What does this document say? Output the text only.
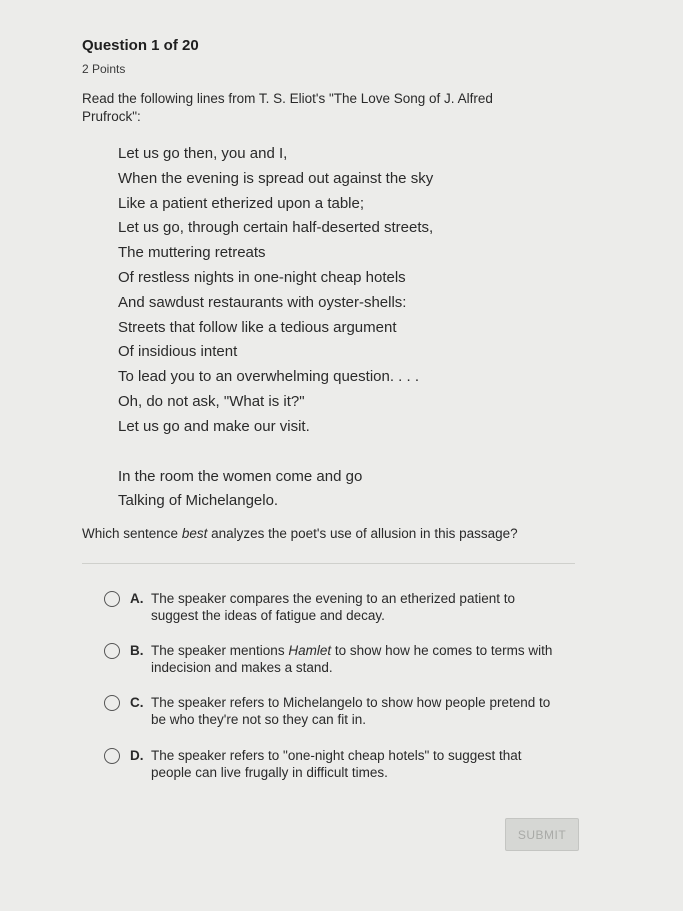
Question 1 of 20
2 Points
Read the following lines from T. S. Eliot's "The Love Song of J. Alfred Prufrock":
Let us go then, you and I,
When the evening is spread out against the sky
Like a patient etherized upon a table;
Let us go, through certain half-deserted streets,
The muttering retreats
Of restless nights in one-night cheap hotels
And sawdust restaurants with oyster-shells:
Streets that follow like a tedious argument
Of insidious intent
To lead you to an overwhelming question. . . .
Oh, do not ask, "What is it?"
Let us go and make our visit.
In the room the women come and go
Talking of Michelangelo.
Which sentence best analyzes the poet's use of allusion in this passage?
A. The speaker compares the evening to an etherized patient to suggest the ideas of fatigue and decay.
B. The speaker mentions Hamlet to show how he comes to terms with indecision and makes a stand.
C. The speaker refers to Michelangelo to show how people pretend to be who they're not so they can fit in.
D. The speaker refers to "one-night cheap hotels" to suggest that people can live frugally in difficult times.
SUBMIT
